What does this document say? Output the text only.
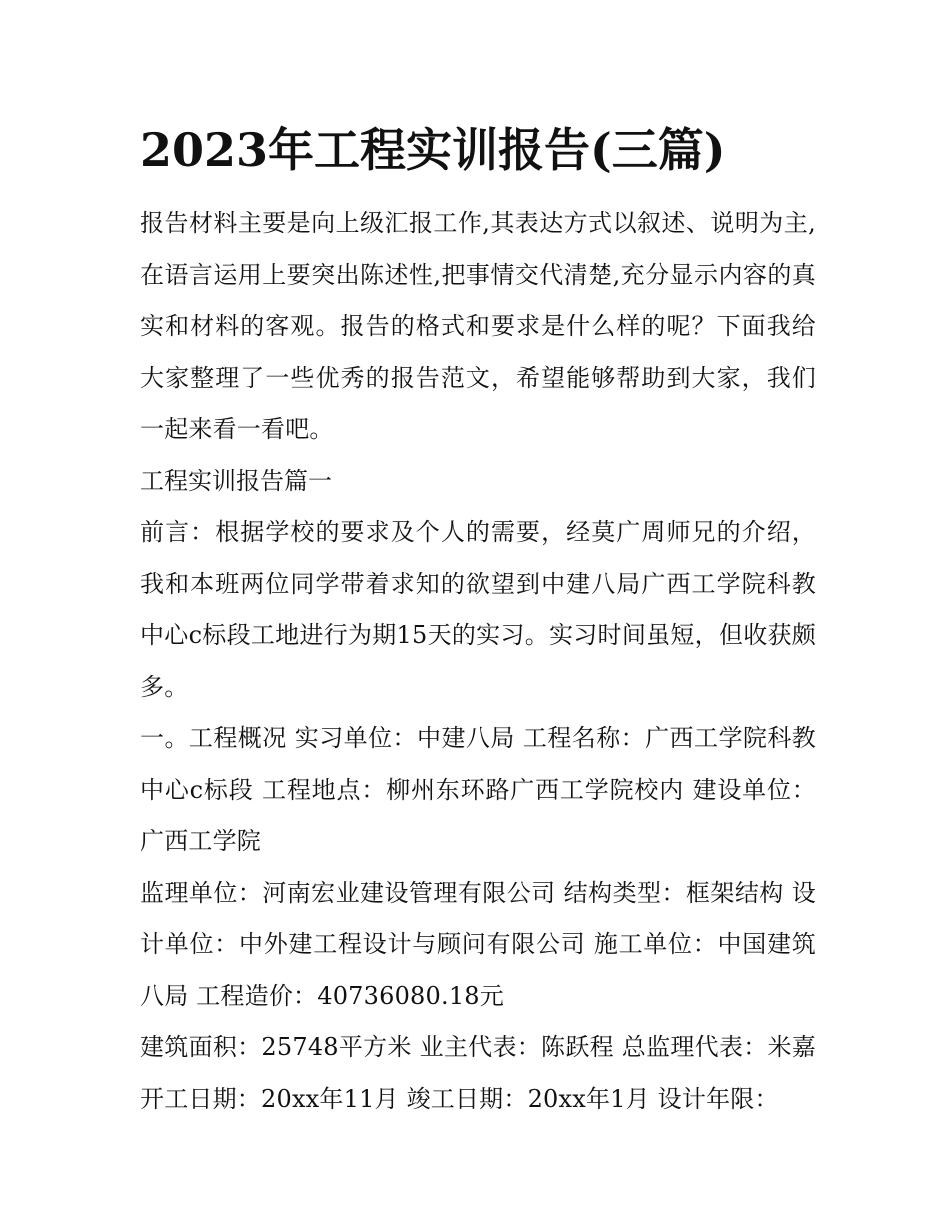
2023年工程实训报告(三篇)

报告材料主要是向上级汇报工作,其表达方式以叙述、说明为主,在语言运用上要突出陈述性,把事情交代清楚,充分显示内容的真实和材料的客观。报告的格式和要求是什么样的呢？下面我给大家整理了一些优秀的报告范文，希望能够帮助到大家，我们一起来看一看吧。

工程实训报告篇一

前言：根据学校的要求及个人的需要，经莫广周师兄的介绍，我和本班两位同学带着求知的欲望到中建八局广西工学院科教中心c标段工地进行为期15天的实习。实习时间虽短，但收获颇多。

一。工程概况 实习单位：中建八局 工程名称：广西工学院科教中心c标段 工程地点：柳州东环路广西工学院校内 建设单位：广西工学院

监理单位：河南宏业建设管理有限公司 结构类型：框架结构 设计单位：中外建工程设计与顾问有限公司 施工单位：中国建筑八局 工程造价：40736080.18元

建筑面积：25748平方米 业主代表：陈跃程 总监理代表：米嘉 开工日期：20xx年11月 竣工日期：20xx年1月 设计年限：
